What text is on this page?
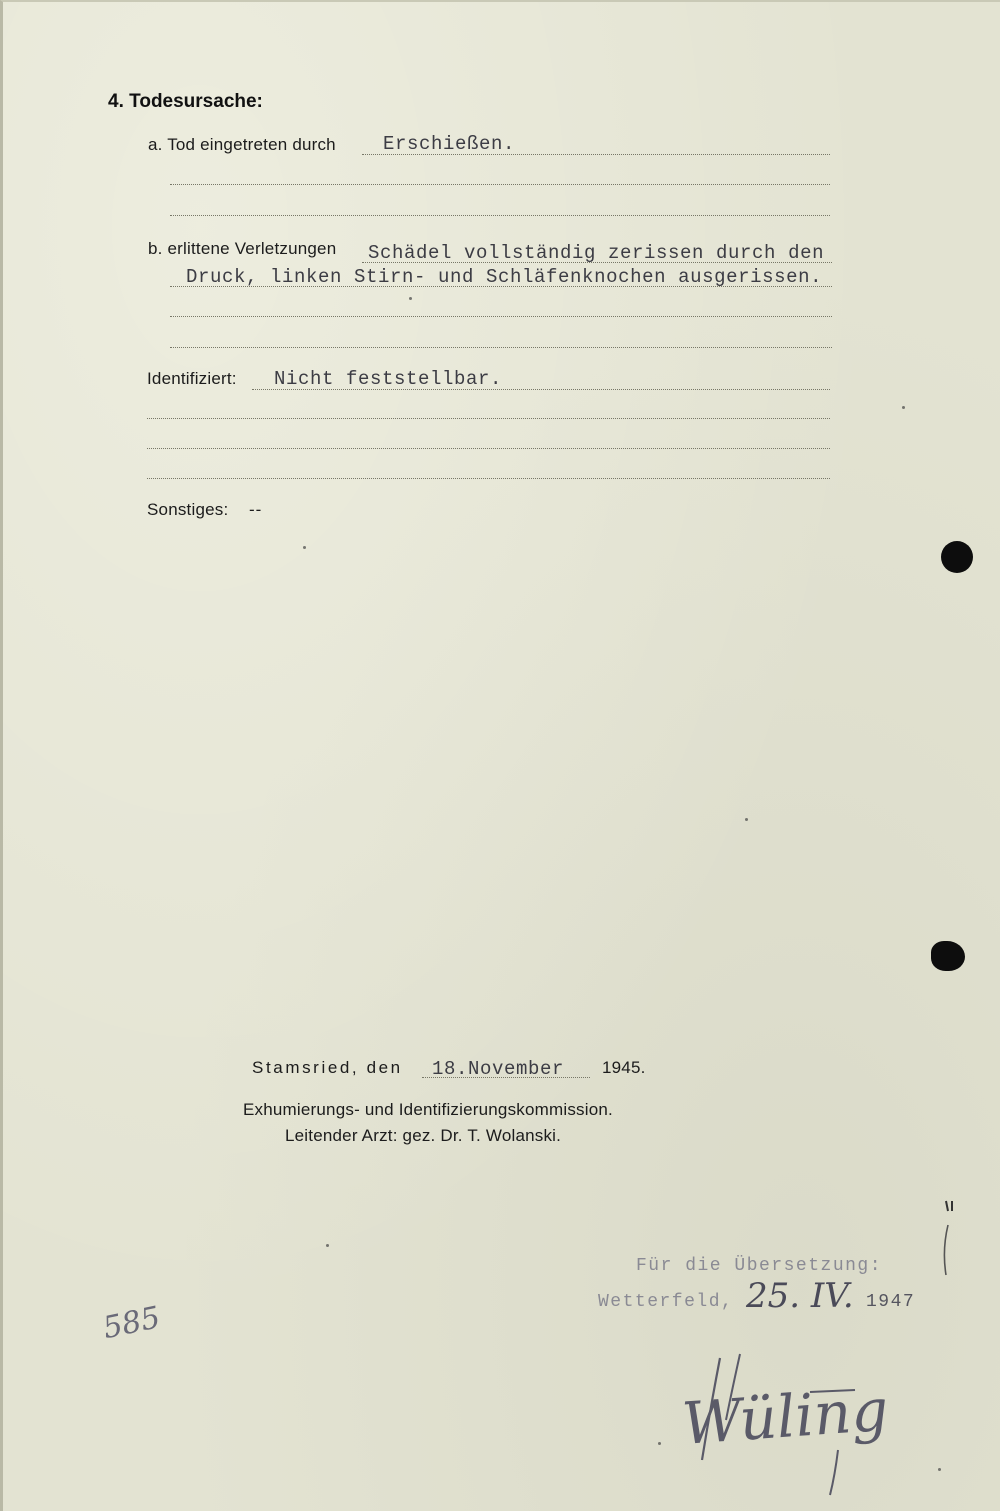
4. Todesursache:
a. Tod eingetreten durch Erschießen.
b. erlittene Verletzungen Schädel vollständig zerissen durch den
Druck, linken Stirn- und Schläfenknochen ausgerissen.
Identifiziert: Nicht feststellbar.
Sonstiges: --
Stamsried, den 18.November 1945.
Exhumierungs- und Identifizierungskommission.
Leitender Arzt: gez. Dr. T. Wolanski.
Für die Übersetzung:
Wetterfeld, 25. IV. 1947
585
Wüling
